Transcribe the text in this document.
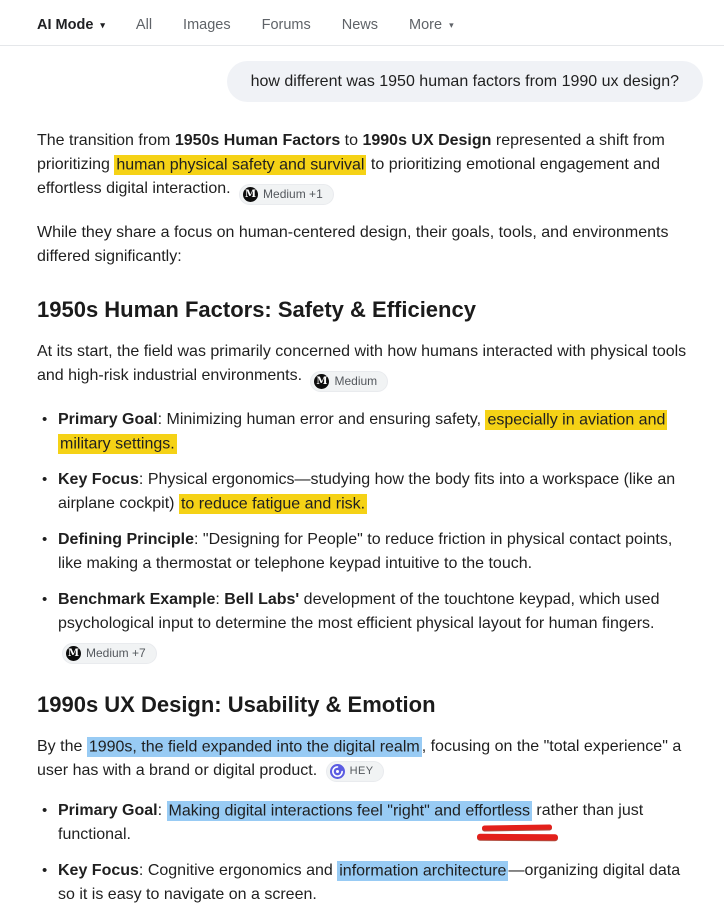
AI Mode ▾ All Images Forums News More ▾
how different was 1950 human factors from 1990 ux design?

The transition from 1950s Human Factors to 1990s UX Design represented a shift from prioritizing human physical safety and survival to prioritizing emotional engagement and effortless digital interaction. M Medium +1

While they share a focus on human-centered design, their goals, tools, and environments differed significantly:

1950s Human Factors: Safety & Efficiency

At its start, the field was primarily concerned with how humans interacted with physical tools and high-risk industrial environments. M Medium

• Primary Goal: Minimizing human error and ensuring safety, especially in aviation and military settings.
• Key Focus: Physical ergonomics—studying how the body fits into a workspace (like an airplane cockpit) to reduce fatigue and risk.
• Defining Principle: "Designing for People" to reduce friction in physical contact points, like making a thermostat or telephone keypad intuitive to the touch.
• Benchmark Example: Bell Labs' development of the touchtone keypad, which used psychological input to determine the most efficient physical layout for human fingers.
M Medium +7
1990s UX Design: Usability & Emotion

By the 1990s, the field expanded into the digital realm , focusing on the "total experience" a user has with a brand or digital product.	HEY

• Primary Goal: Making digital interactions feel "right" and effortless rather than just functional.
• Key Focus: Cognitive ergonomics and information architecture —organizing digital data so it is easy to navigate on a screen.
